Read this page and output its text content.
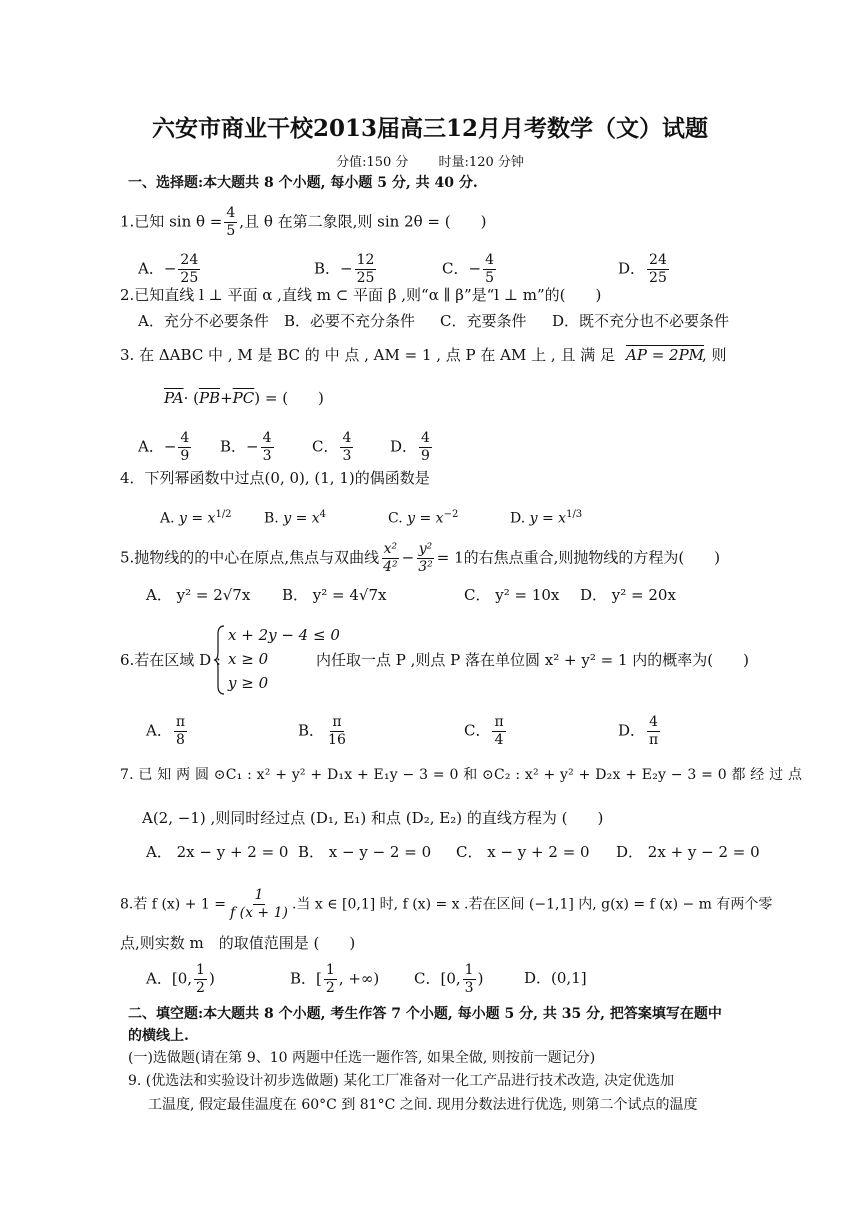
六安市商业干校2013届高三12月月考数学（文）试题
分值:150 分　　 时量:120 分钟
一、选择题:本大题共 8 个小题, 每小题 5 分, 共 40 分.
1.已知 $\sin \theta = \frac{4}{5}$ ,且 θ 在第二象限,则 sin 2θ = (　　)
A．− $\frac{24}{25}$	B．− $\frac{12}{25}$	C．− $\frac{4}{5}$	D． $\frac{24}{25}$
2.已知直线 l ⊥ 平面 α ,直线 m ⊂ 平面 β ,则“α ∥ β”是“l ⊥ m”的(　　)
A．充分不必要条件 B．必要不充分条件 C．充要条件 D．既不充分也不必要条件
3. 在 ΔABC 中 , M 是 BC 的 中 点 , AM = 1 , 点 P 在 AM 上 , 且 满 足 AP = 2PM
, 则
$\overline{PA}\cdot (\overline{PB}+\overline{PC})$ = (　　)
A．− $\frac{4}{9}$ B．− $\frac{4}{3}$	C． $\frac{4}{3}$ D． $\frac{4}{9}$
4．下列幂函数中过点(0, 0), (1, 1)的偶函数是
A. $y = x^{1/2}$ B. $y = x^4$	C. $y = x^{-2}$	D. $y = x^{1/3}$
5.抛物线的的中心在原点,焦点与双曲线 $\frac{\text{x²}}{\text{4²}} - \frac{\text{y²}}{\text{3²}} = 1$的右焦点重合,则抛物线的方程为(　　)
A． y² = 2√7x B． y² = 4√7x	C． y² = 10x D． y² = 20x
6.若在区域 D :
x + 2y − 4 ≤ 0
x ≥ 0
y ≥ 0
内任取一点 P ,则点 P 落在单位圆 x² + y² = 1 内的概率为(　　)
A． $\frac{\pi}{8}$	B． $\frac{\pi}{16}$	C． $\frac{\pi}{4}$	D． $\frac{4}{\pi}$
7. 已 知 两 圆 ⊙C₁ : x² + y² + D₁x + E₁y − 3 = 0 和 ⊙C₂ : x² + y² + D₂x + E₂y − 3 = 0 都 经 过 点
A(2, −1) ,则同时经过点 (D₁, E₁) 和点 (D₂, E₂) 的直线方程为 (　　)
A． 2x − y + 2 = 0 B． x − y − 2 = 0 C． x − y + 2 = 0 D． 2x + y − 2 = 0
8.若 f $(x) + 1 = \frac{1}{f (x + 1)}$ .当 x ∈ [0,1] 时, f (x) = x .若在区间 (−1,1] 内, g(x) = f (x) − m 有两个零
点,则实数 m　的取值范围是 (　　)
A．[0, $\frac{1}{2}$ )	B．[ $\frac{1}{2}$ , +∞) C．[0, $\frac{1}{3}$ )	D．(0,1]
二、填空题:本大题共 8 个小题, 考生作答 7 个小题, 每小题 5 分, 共 35 分, 把答案填写在题中
的横线上.
(一)选做题(请在第 9、10 两题中任选一题作答, 如果全做, 则按前一题记分)
9. (优选法和实验设计初步选做题) 某化工厂准备对一化工产品进行技术改造, 决定优选加
工温度, 假定最佳温度在 60°C 到 81°C 之间. 现用分数法进行优选, 则第二个试点的温度
